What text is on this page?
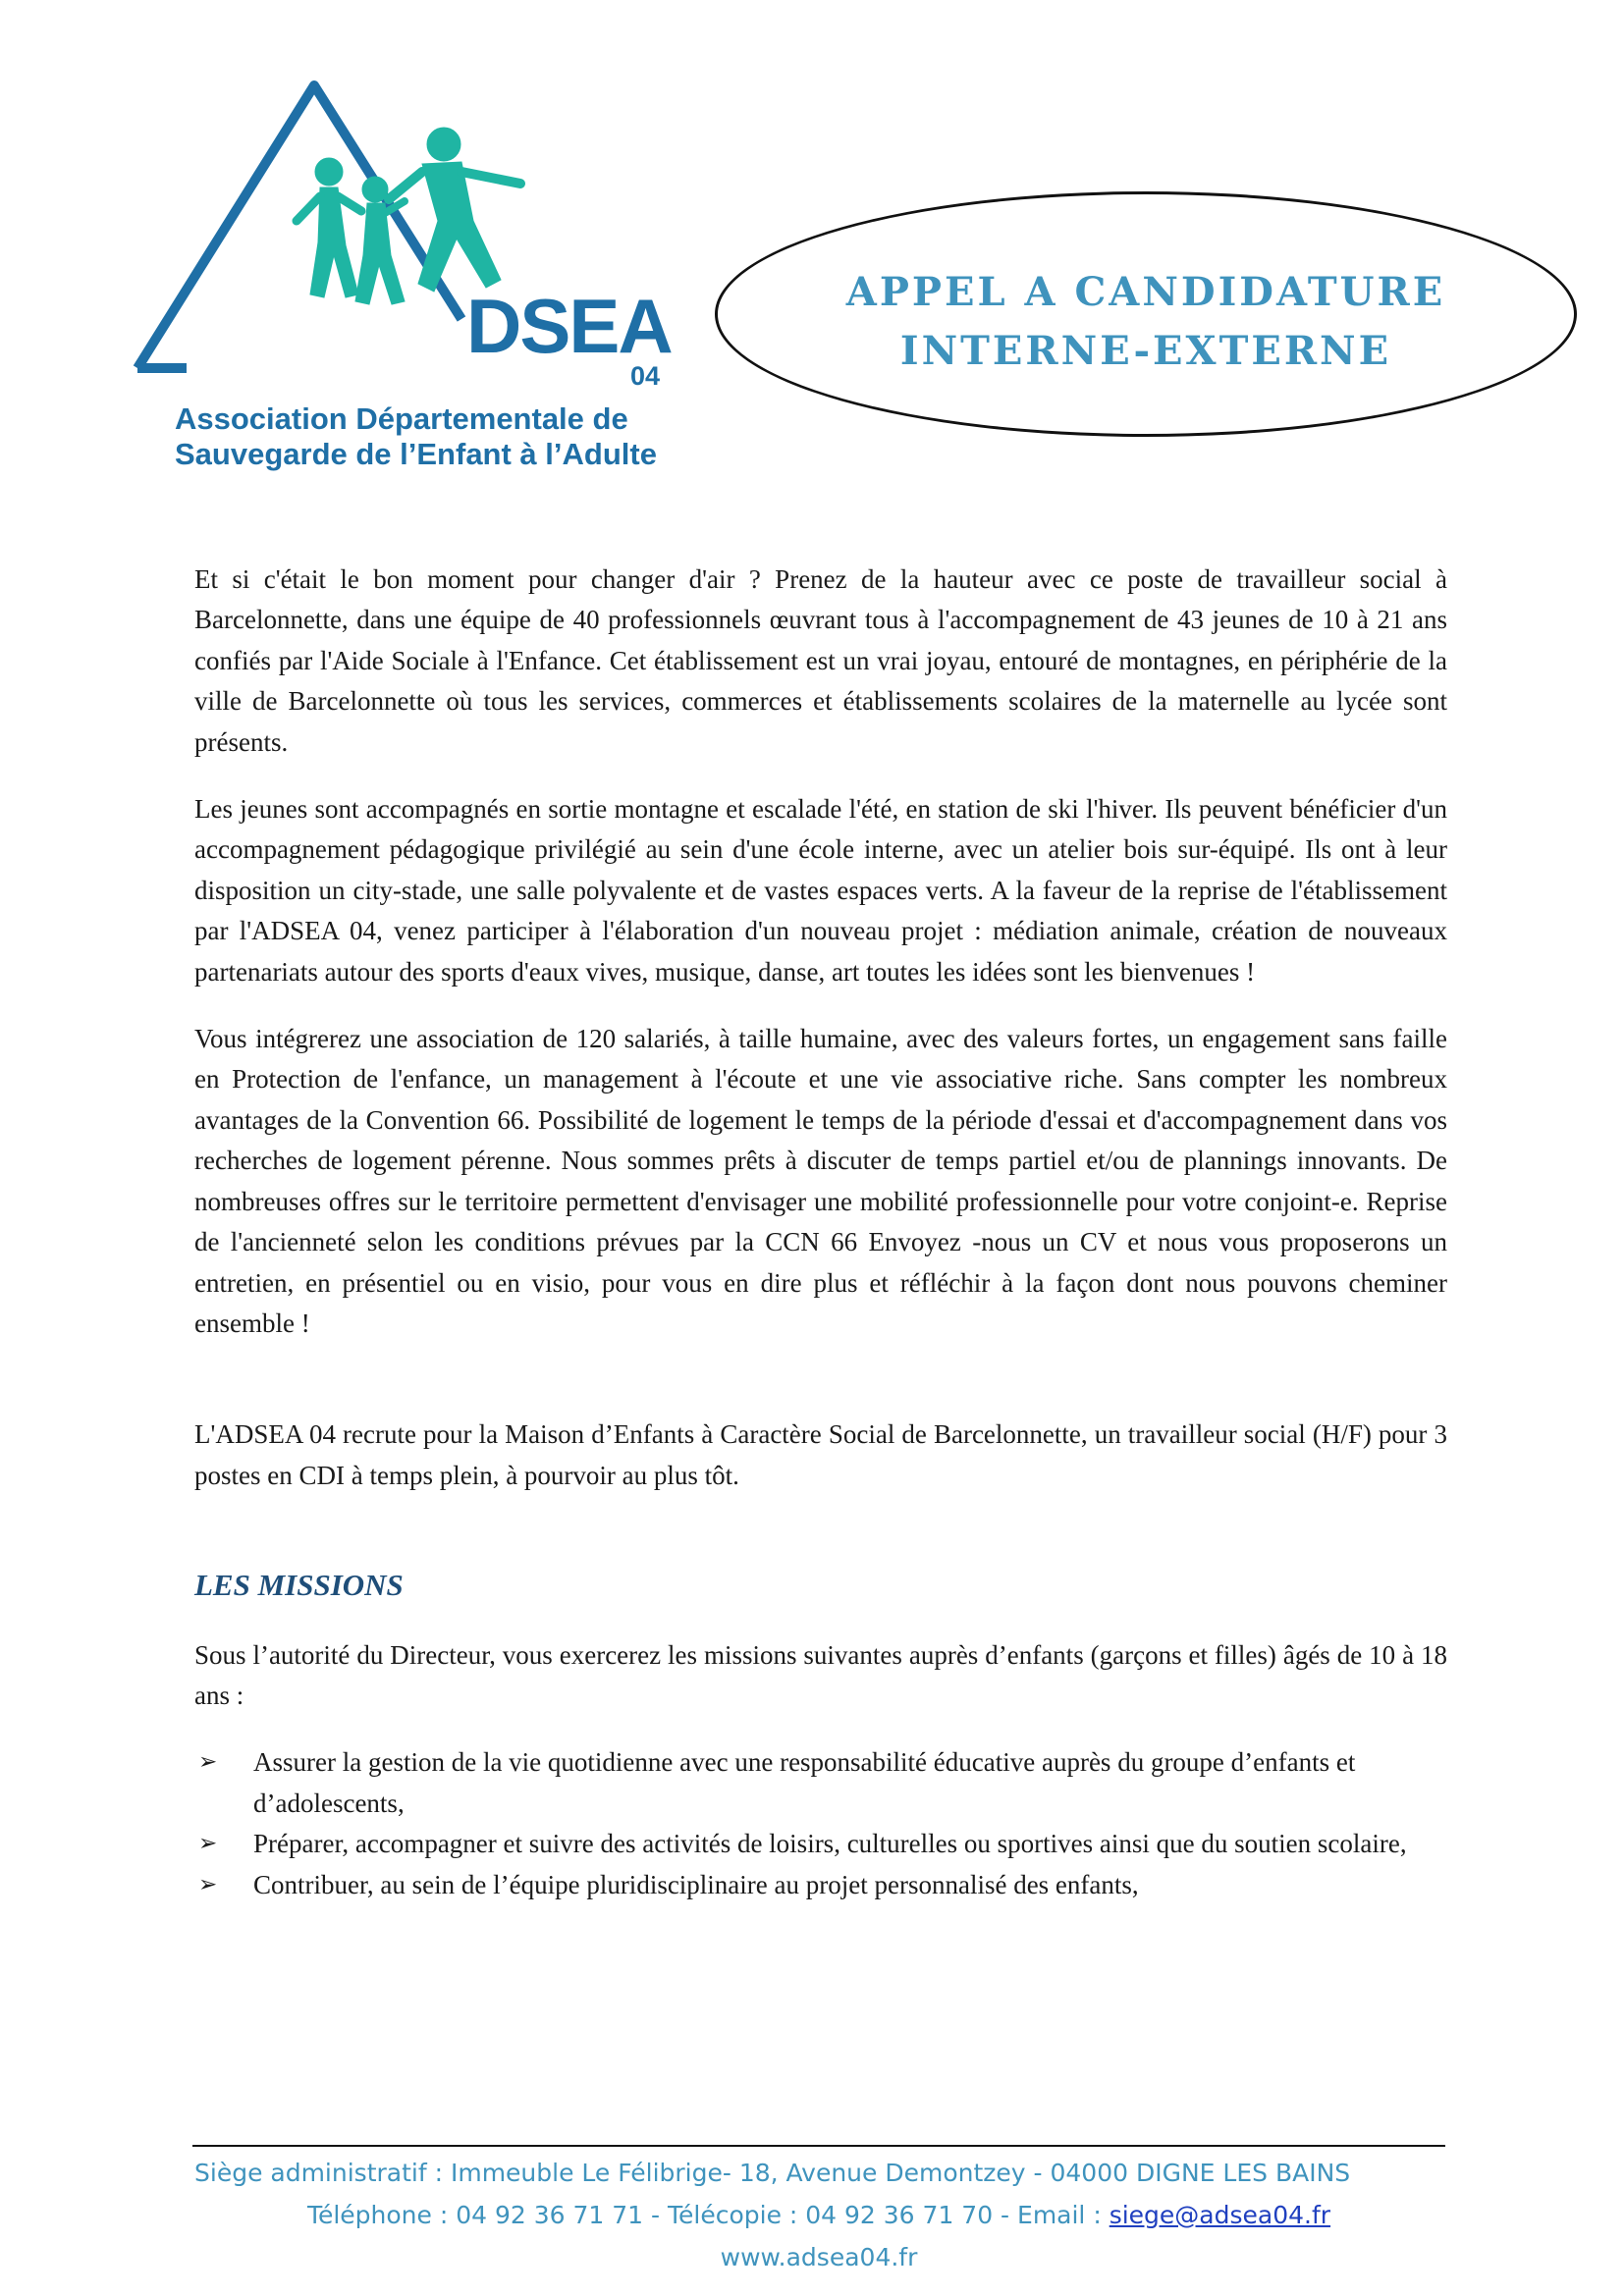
DSEA
04
Association Départementale de
Sauvegarde de l’Enfant à l’Adulte
APPEL A CANDIDATURE
INTERNE-EXTERNE

Et si c'était le bon moment pour changer d'air ? Prenez de la hauteur avec ce poste de travailleur social à Barcelonnette, dans une équipe de 40 professionnels œuvrant tous à l'accompagnement de 43 jeunes de 10 à 21 ans confiés par l'Aide Sociale à l'Enfance. Cet établissement est un vrai joyau, entouré de montagnes, en périphérie de la ville de Barcelonnette où tous les services, commerces et établissements scolaires de la maternelle au lycée sont présents.

Les jeunes sont accompagnés en sortie montagne et escalade l'été, en station de ski l'hiver. Ils peuvent bénéficier d'un accompagnement pédagogique privilégié au sein d'une école interne, avec un atelier bois sur-équipé. Ils ont à leur disposition un city-stade, une salle polyvalente et de vastes espaces verts. A la faveur de la reprise de l'établissement par l'ADSEA 04, venez participer à l'élaboration d'un nouveau projet : médiation animale, création de nouveaux partenariats autour des sports d'eaux vives, musique, danse, art toutes les idées sont les bienvenues !

Vous intégrerez une association de 120 salariés, à taille humaine, avec des valeurs fortes, un engagement sans faille en Protection de l'enfance, un management à l'écoute et une vie associative riche. Sans compter les nombreux avantages de la Convention 66. Possibilité de logement le temps de la période d'essai et d'accompagnement dans vos recherches de logement pérenne. Nous sommes prêts à discuter de temps partiel et/ou de plannings innovants. De nombreuses offres sur le territoire permettent d'envisager une mobilité professionnelle pour votre conjoint-e. Reprise de l'ancienneté selon les conditions prévues par la CCN 66 Envoyez -nous un CV et nous vous proposerons un entretien, en présentiel ou en visio, pour vous en dire plus et réfléchir à la façon dont nous pouvons cheminer ensemble !

L'ADSEA 04 recrute pour la Maison d’Enfants à Caractère Social de Barcelonnette, un travailleur social (H/F) pour 3 postes en CDI à temps plein, à pourvoir au plus tôt.

LES MISSIONS

Sous l’autorité du Directeur, vous exercerez les missions suivantes auprès d’enfants (garçons et filles) âgés de 10 à 18 ans :

➢ Assurer la gestion de la vie quotidienne avec une responsabilité éducative auprès du groupe d’enfants et d’adolescents,
➢ Préparer, accompagner et suivre des activités de loisirs, culturelles ou sportives ainsi que du soutien scolaire,
➢ Contribuer, au sein de l’équipe pluridisciplinaire au projet personnalisé des enfants,
Siège administratif : Immeuble Le Félibrige- 18, Avenue Demontzey - 04000 DIGNE LES BAINS
Téléphone : 04 92 36 71 71 - Télécopie : 04 92 36 71 70 - Email : siege@adsea04.fr
www.adsea04.fr
